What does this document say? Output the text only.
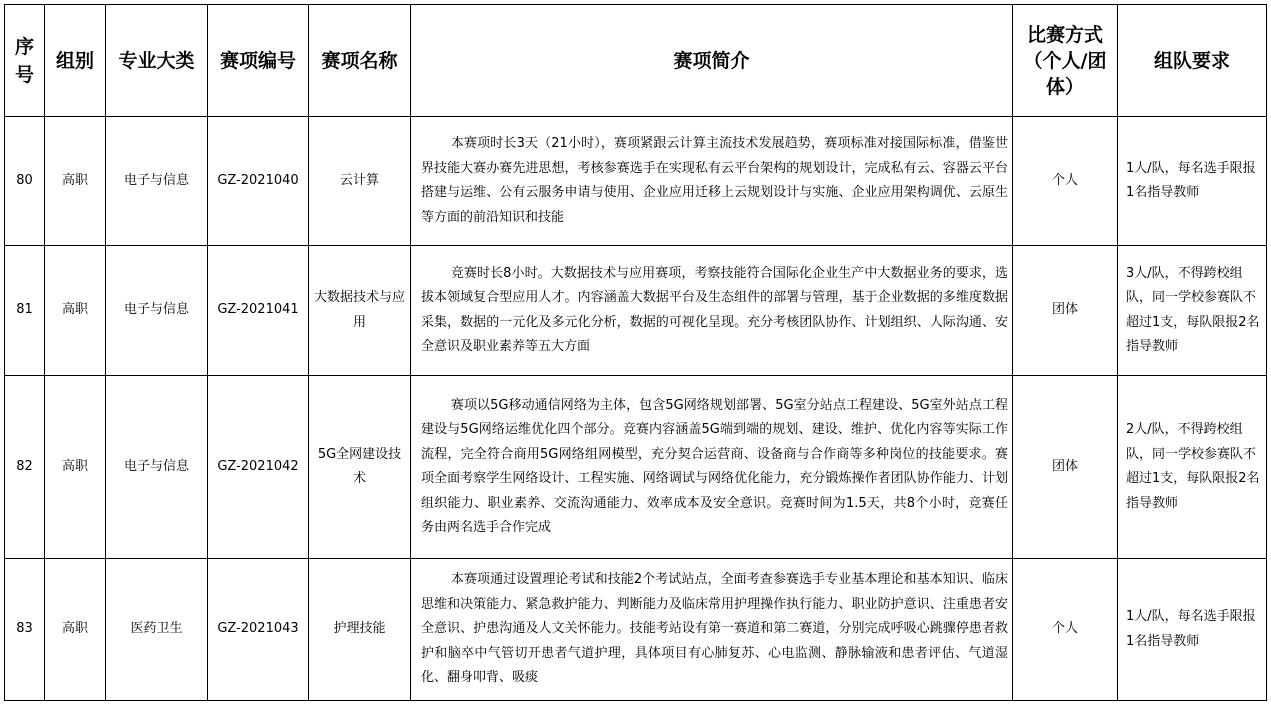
序号	组别	专业大类	赛项编号	赛项名称	赛项简介	比赛方式（个人/团体）	组队要求
80	高职	电子与信息	GZ-2021040	云计算	本赛项时长3天（21小时），赛项紧跟云计算主流技术发展趋势，赛项标准对接国际标准，借鉴世界技能大赛办赛先进思想，考核参赛选手在实现私有云平台架构的规划设计，完成私有云、容器云平台搭建与运维、公有云服务申请与使用、企业应用迁移上云规划设计与实施、企业应用架构调优、云原生等方面的前沿知识和技能	个人	1人/队，每名选手限报1名指导教师
81	高职	电子与信息	GZ-2021041	大数据技术与应用	竞赛时长8小时。大数据技术与应用赛项，考察技能符合国际化企业生产中大数据业务的要求，选拔本领域复合型应用人才。内容涵盖大数据平台及生态组件的部署与管理，基于企业数据的多维度数据采集，数据的一元化及多元化分析，数据的可视化呈现。充分考核团队协作、计划组织、人际沟通、安全意识及职业素养等五大方面	团体	3人/队，不得跨校组队，同一学校参赛队不超过1支，每队限报2名指导教师
82	高职	电子与信息	GZ-2021042	5G全网建设技术	赛项以5G移动通信网络为主体，包含5G网络规划部署、5G室分站点工程建设、5G室外站点工程建设与5G网络运维优化四个部分。竞赛内容涵盖5G端到端的规划、建设、维护、优化内容等实际工作流程，完全符合商用5G网络组网模型，充分契合运营商、设备商与合作商等多种岗位的技能要求。赛项全面考察学生网络设计、工程实施、网络调试与网络优化能力，充分锻炼操作者团队协作能力、计划组织能力、职业素养、交流沟通能力、效率成本及安全意识。竞赛时间为1.5天，共8个小时，竞赛任务由两名选手合作完成	团体	2人/队，不得跨校组队，同一学校参赛队不超过1支，每队限报2名指导教师
83	高职	医药卫生	GZ-2021043	护理技能	本赛项通过设置理论考试和技能2个考试站点，全面考查参赛选手专业基本理论和基本知识、临床思维和决策能力、紧急救护能力、判断能力及临床常用护理操作执行能力、职业防护意识、注重患者安全意识、护患沟通及人文关怀能力。技能考站设有第一赛道和第二赛道，分别完成呼吸心跳骤停患者救护和脑卒中气管切开患者气道护理，具体项目有心肺复苏、心电监测、静脉输液和患者评估、气道湿化、翻身叩背、吸痰	个人	1人/队，每名选手限报1名指导教师
